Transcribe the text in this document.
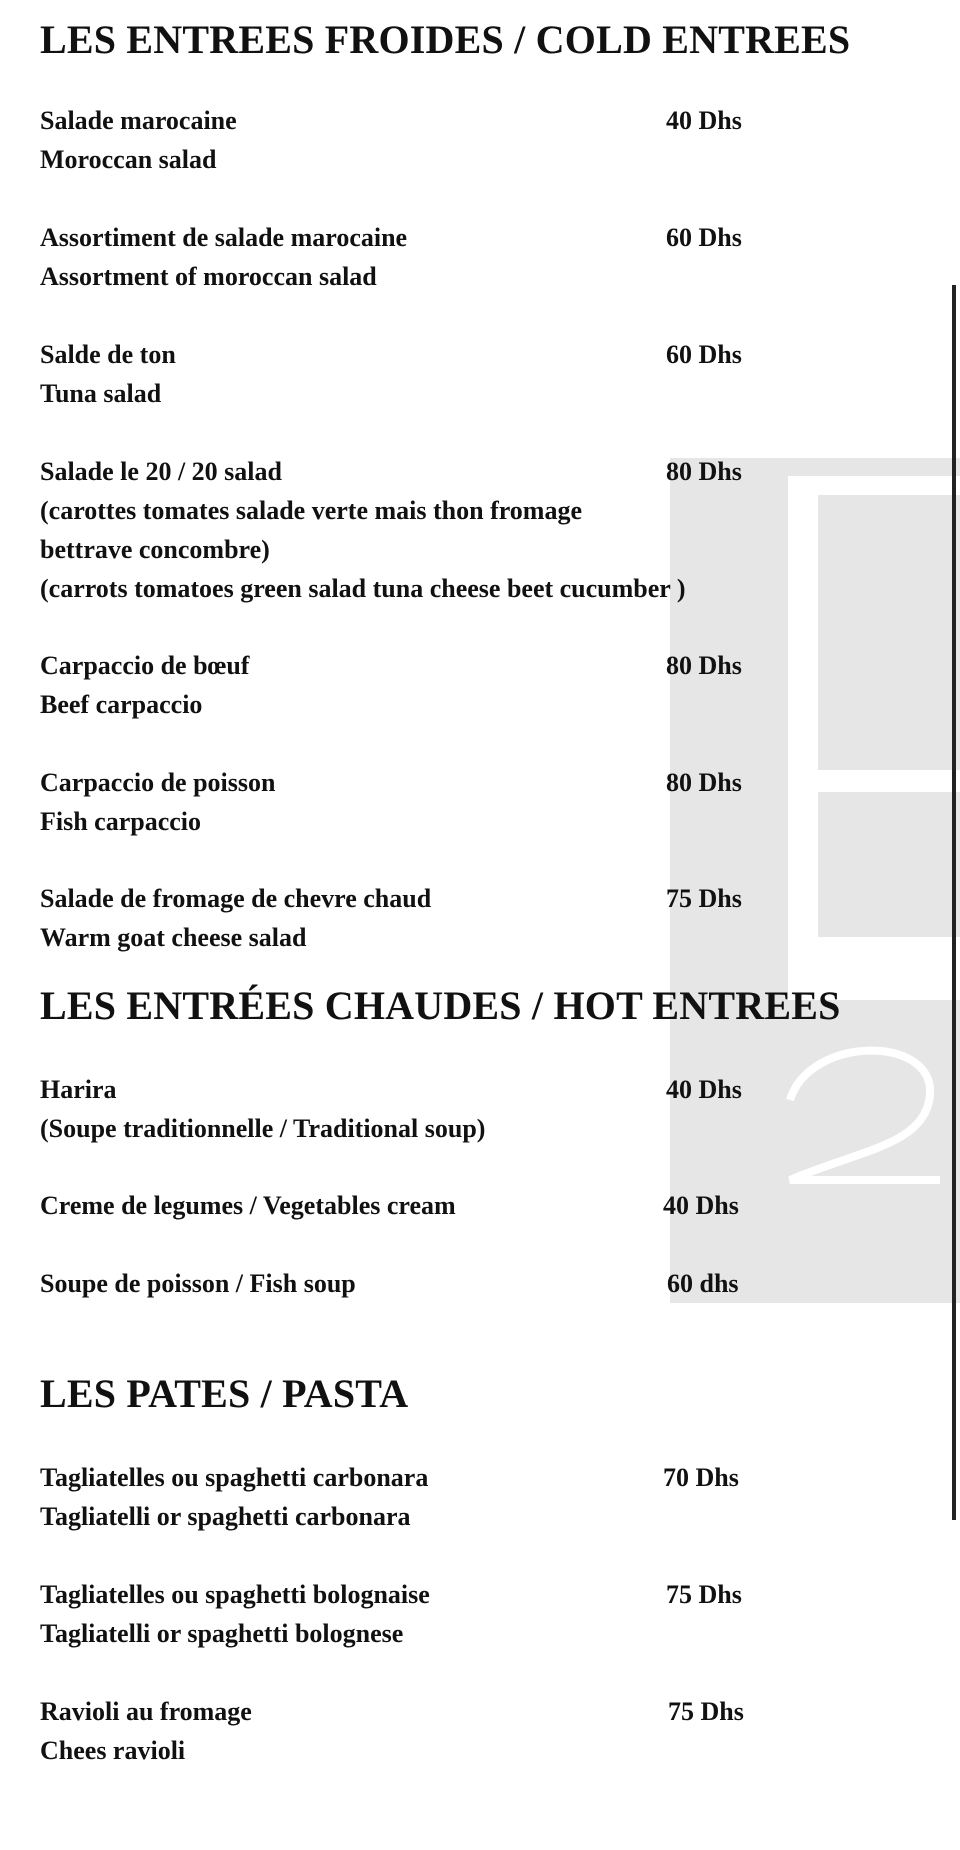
LES ENTREES FROIDES / COLD ENTREES
Salade marocaine
Moroccan salad
40 Dhs
Assortiment de salade marocaine
Assortment of moroccan salad
60 Dhs
Salde de ton
Tuna salad
60 Dhs
Salade le 20 / 20 salad
(carottes tomates salade verte mais thon fromage
bettrave concombre)
(carrots tomatoes green salad tuna cheese beet cucumber )
80 Dhs
Carpaccio de bœuf
Beef carpaccio
80 Dhs
Carpaccio de poisson
Fish carpaccio
80 Dhs
Salade de fromage de chevre chaud
Warm goat cheese salad
75 Dhs
LES ENTRÉES CHAUDES / HOT ENTREES
Harira
(Soupe traditionnelle / Traditional soup)
40 Dhs
Creme de legumes / Vegetables cream	40 Dhs
Soupe de poisson / Fish soup	60 dhs
LES PATES / PASTA
Tagliatelles ou spaghetti carbonara
Tagliatelli or spaghetti carbonara
70 Dhs
Tagliatelles ou spaghetti bolognaise
Tagliatelli or spaghetti bolognese
75 Dhs
Ravioli au fromage
Chees ravioli
75 Dhs
